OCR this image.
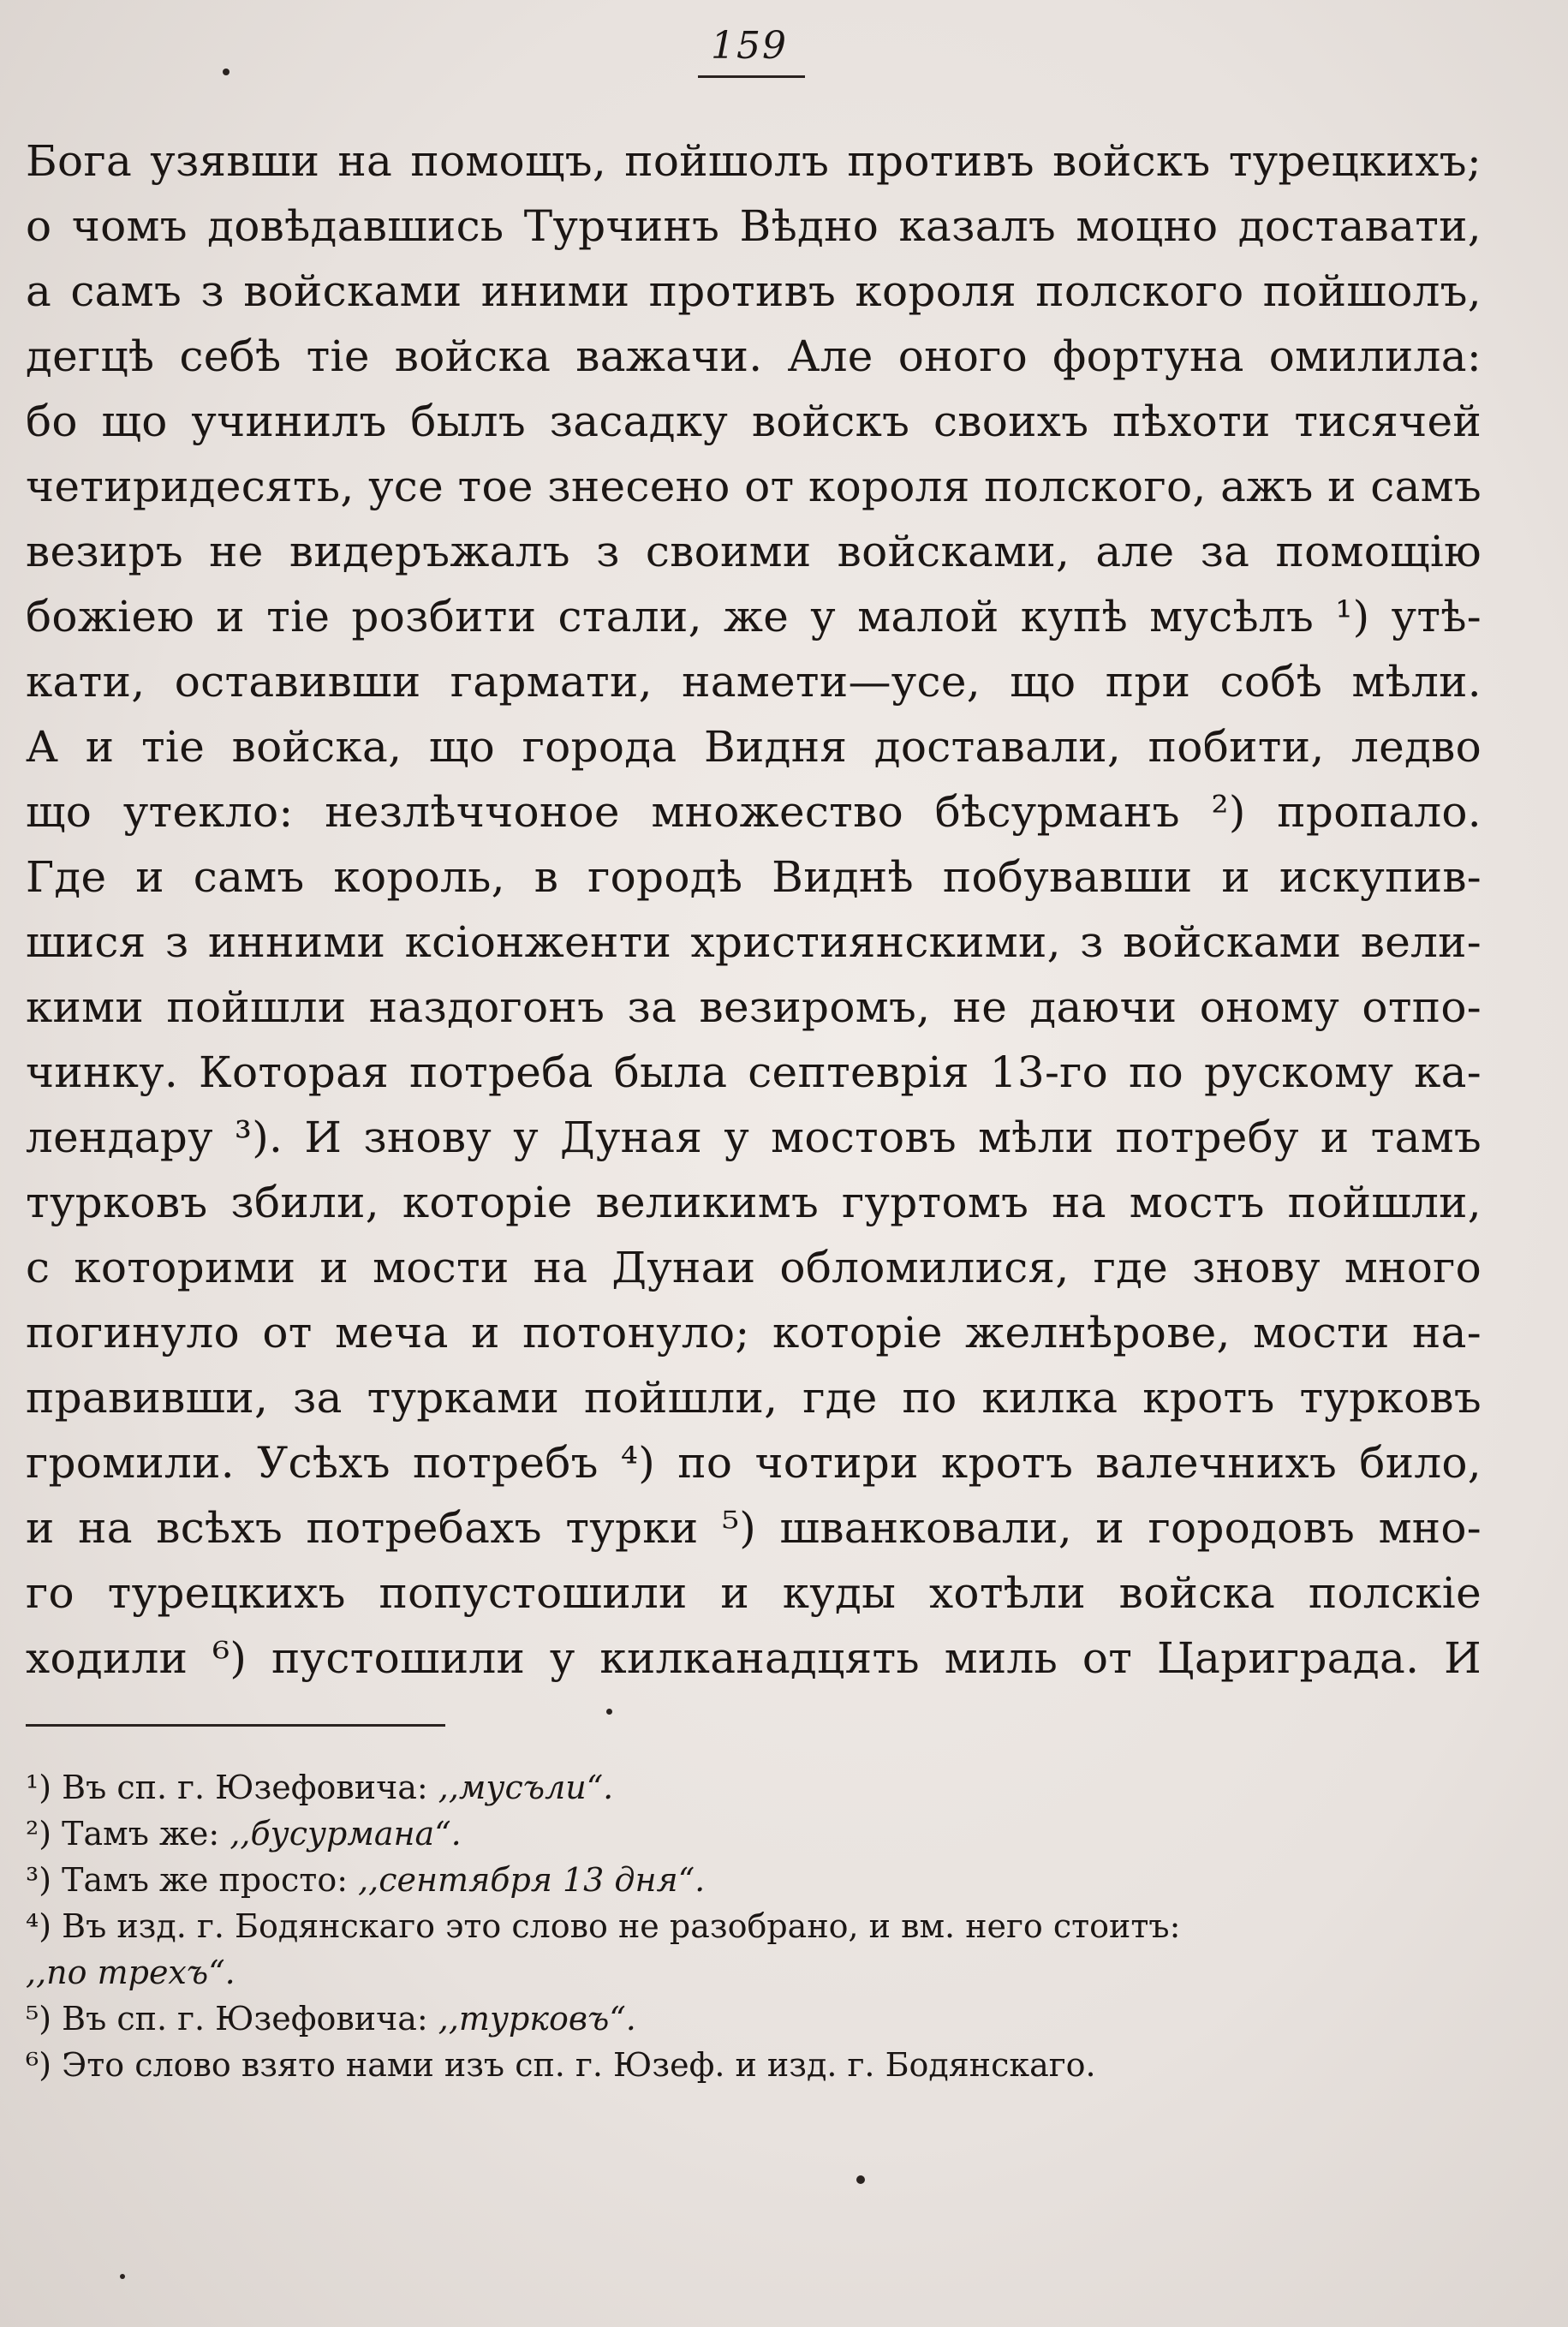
159
Бога узявши на помощъ, пойшолъ противъ войскъ турецкихъ;
о чомъ довѣдавшись Турчинъ Вѣдно казалъ моцно доставати,
а самъ з войсками иними противъ короля полского пойшолъ,
дегцѣ себѣ тіе войска важачи. Але оного фортуна омилила:
бо що учинилъ былъ засадку войскъ своихъ пѣхоти тисячей
четиридесять, усе тое знесено от короля полского, ажъ и самъ
везиръ не видеръжалъ з своими войсками, але за помощію
божіею и тіе розбити стали, же у малой купѣ мусѣлъ ¹) утѣ-
кати, оставивши гармати, намети—усе, що при собѣ мѣли.
А и тіе войска, що города Видня доставали, побити, ледво
що утекло: незлѣччоное множество бѣсурманъ ²) пропало.
Где и самъ король, в городѣ Виднѣ побувавши и искупив-
шися з инними ксіонженти християнскими, з войсками вели-
кими пойшли наздогонъ за везиромъ, не даючи оному отпо-
чинку. Которая потреба была септеврія 13-го по рускому ка-
лендару ³). И знову у Дуная у мостовъ мѣли потребу и тамъ
турковъ збили, которіе великимъ гуртомъ на мостъ пойшли,
с которими и мости на Дунаи обломилися, где знову много
погинуло от меча и потонуло; которіе желнѣрове, мости на-
правивши, за турками пойшли, где по килка кротъ турковъ
громили. Усѣхъ потребъ ⁴) по чотири кротъ валечнихъ било,
и на всѣхъ потребахъ турки ⁵) шванковали, и городовъ мно-
го турецкихъ попустошили и куды хотѣли войска полскіе
ходили ⁶) пустошили у килканадцять миль от Цариграда. И
¹) Въ сп. г. Юзефовича: ,,мусъли“.
²) Тамъ же: ,,бусурмана“.
³) Тамъ же просто: ,,сентября 13 дня“.
⁴) Въ изд. г. Бодянскаго это слово не разобрано, и вм. него стоитъ:
,,по трехъ“.
⁵) Въ сп. г. Юзефовича: ,,турковъ“.
⁶) Это слово взято нами изъ сп. г. Юзеф. и изд. г. Бодянскаго.
